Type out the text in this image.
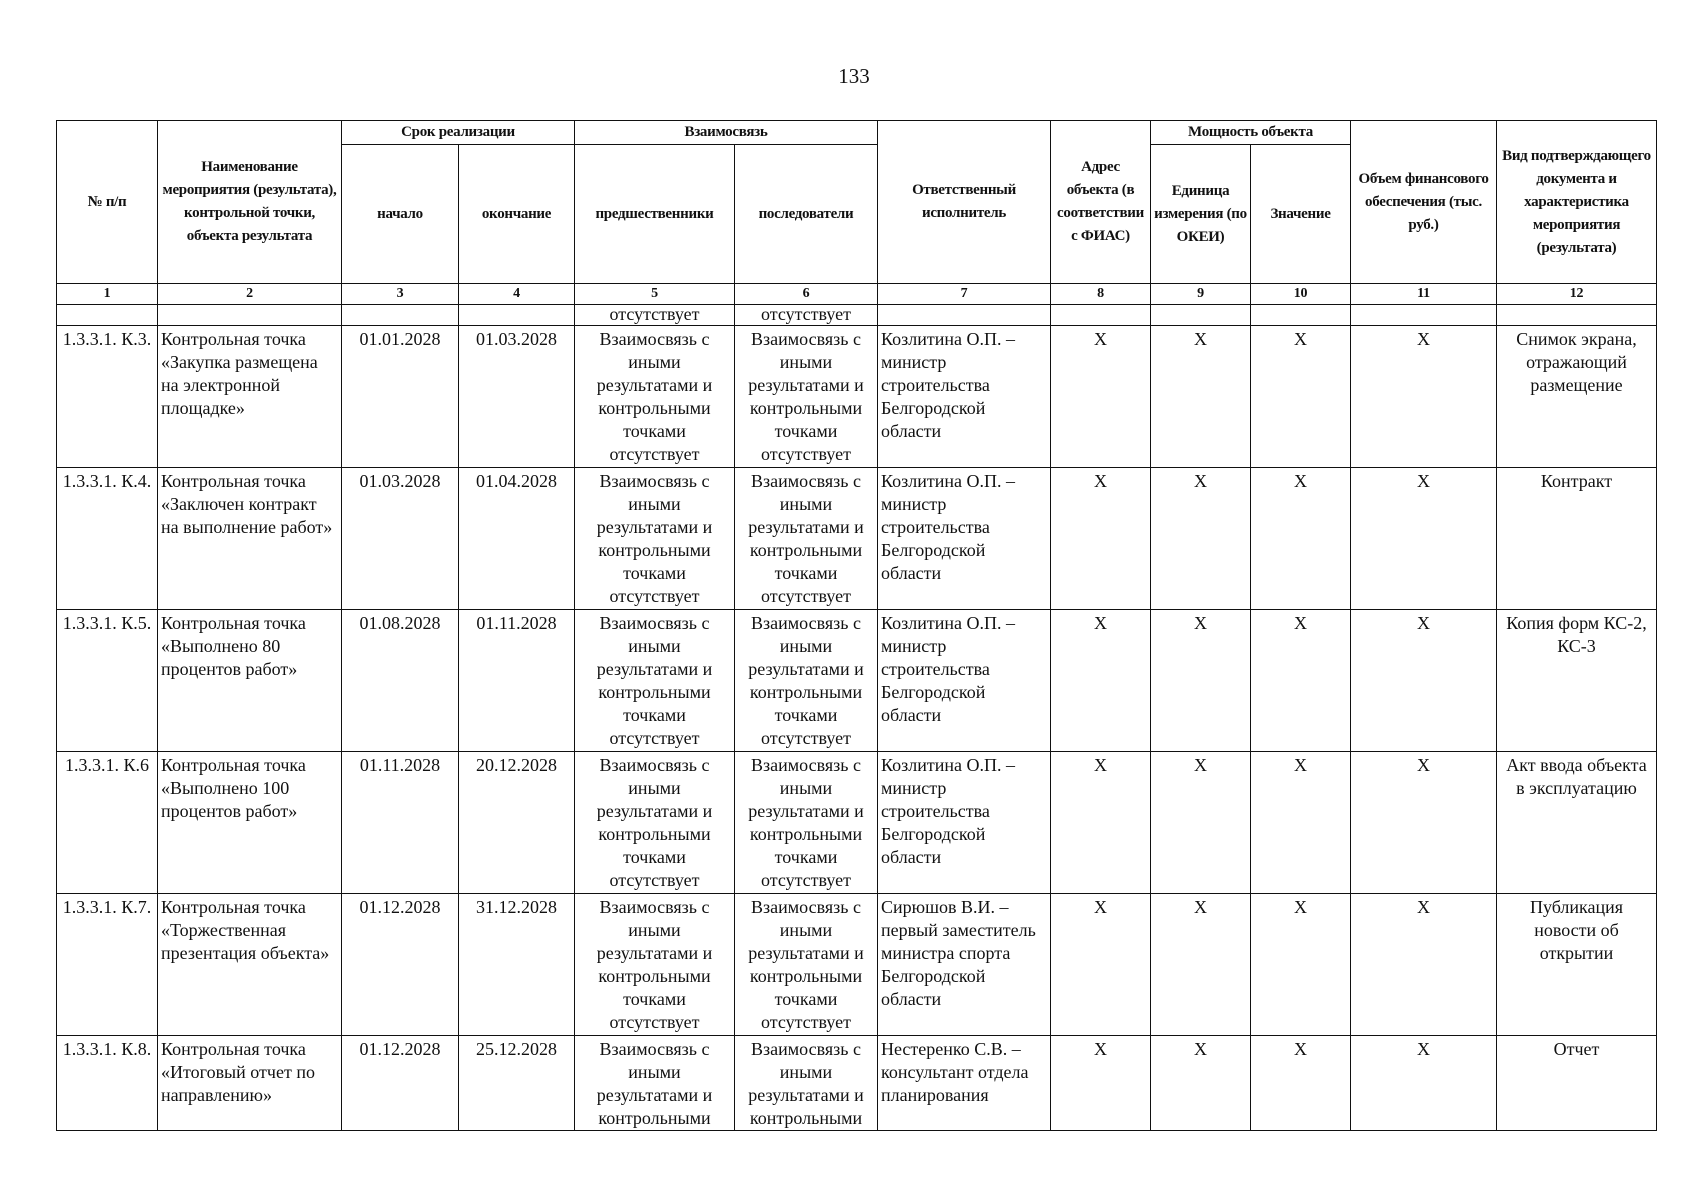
133
№ п/п	Наименование мероприятия (результата), контрольной точки, объекта результата	Срок реализации		Взаимосвязь		Ответственный исполнитель	Адрес объекта (в соответствии с ФИАС)	Мощность объекта		Объем финансового обеспечения (тыс. руб.)	Вид подтверждающего документа и характеристика мероприятия (результата)
		начало	окончание	предшественники	последователи			Единица измерения (по ОКЕИ)	Значение		
1	2	3	4	5	6	7	8	9	10	11	12
				отсутствует	отсутствует						
1.3.3.1. К.3.	Контрольная точка «Закупка размещена на электронной площадке»	01.01.2028	01.03.2028	Взаимосвязь с иными результатами и контрольными точками отсутствует	Взаимосвязь с иными результатами и контрольными точками отсутствует	Козлитина О.П. – министр строительства Белгородской области	Х	Х	Х	Х	Снимок экрана, отражающий размещение
1.3.3.1. К.4.	Контрольная точка «Заключен контракт на выполнение работ»	01.03.2028	01.04.2028	Взаимосвязь с иными результатами и контрольными точками отсутствует	Взаимосвязь с иными результатами и контрольными точками отсутствует	Козлитина О.П. – министр строительства Белгородской области	Х	Х	Х	Х	Контракт
1.3.3.1. К.5.	Контрольная точка «Выполнено 80 процентов работ»	01.08.2028	01.11.2028	Взаимосвязь с иными результатами и контрольными точками отсутствует	Взаимосвязь с иными результатами и контрольными точками отсутствует	Козлитина О.П. – министр строительства Белгородской области	Х	Х	Х	Х	Копия форм КС-2, КС-3
1.3.3.1. К.6	Контрольная точка «Выполнено 100 процентов работ»	01.11.2028	20.12.2028	Взаимосвязь с иными результатами и контрольными точками отсутствует	Взаимосвязь с иными результатами и контрольными точками отсутствует	Козлитина О.П. – министр строительства Белгородской области	Х	Х	Х	Х	Акт ввода объекта в эксплуатацию
1.3.3.1. К.7.	Контрольная точка «Торжественная презентация объекта»	01.12.2028	31.12.2028	Взаимосвязь с иными результатами и контрольными точками отсутствует	Взаимосвязь с иными результатами и контрольными точками отсутствует	Сирюшов В.И. – первый заместитель министра спорта Белгородской области	Х	Х	Х	Х	Публикация новости об открытии
1.3.3.1. К.8.	Контрольная точка «Итоговый отчет по направлению»	01.12.2028	25.12.2028	Взаимосвязь с иными результатами и контрольными	Взаимосвязь с иными результатами и контрольными	Нестеренко С.В. – консультант отдела планирования	Х	Х	Х	Х	Отчет
